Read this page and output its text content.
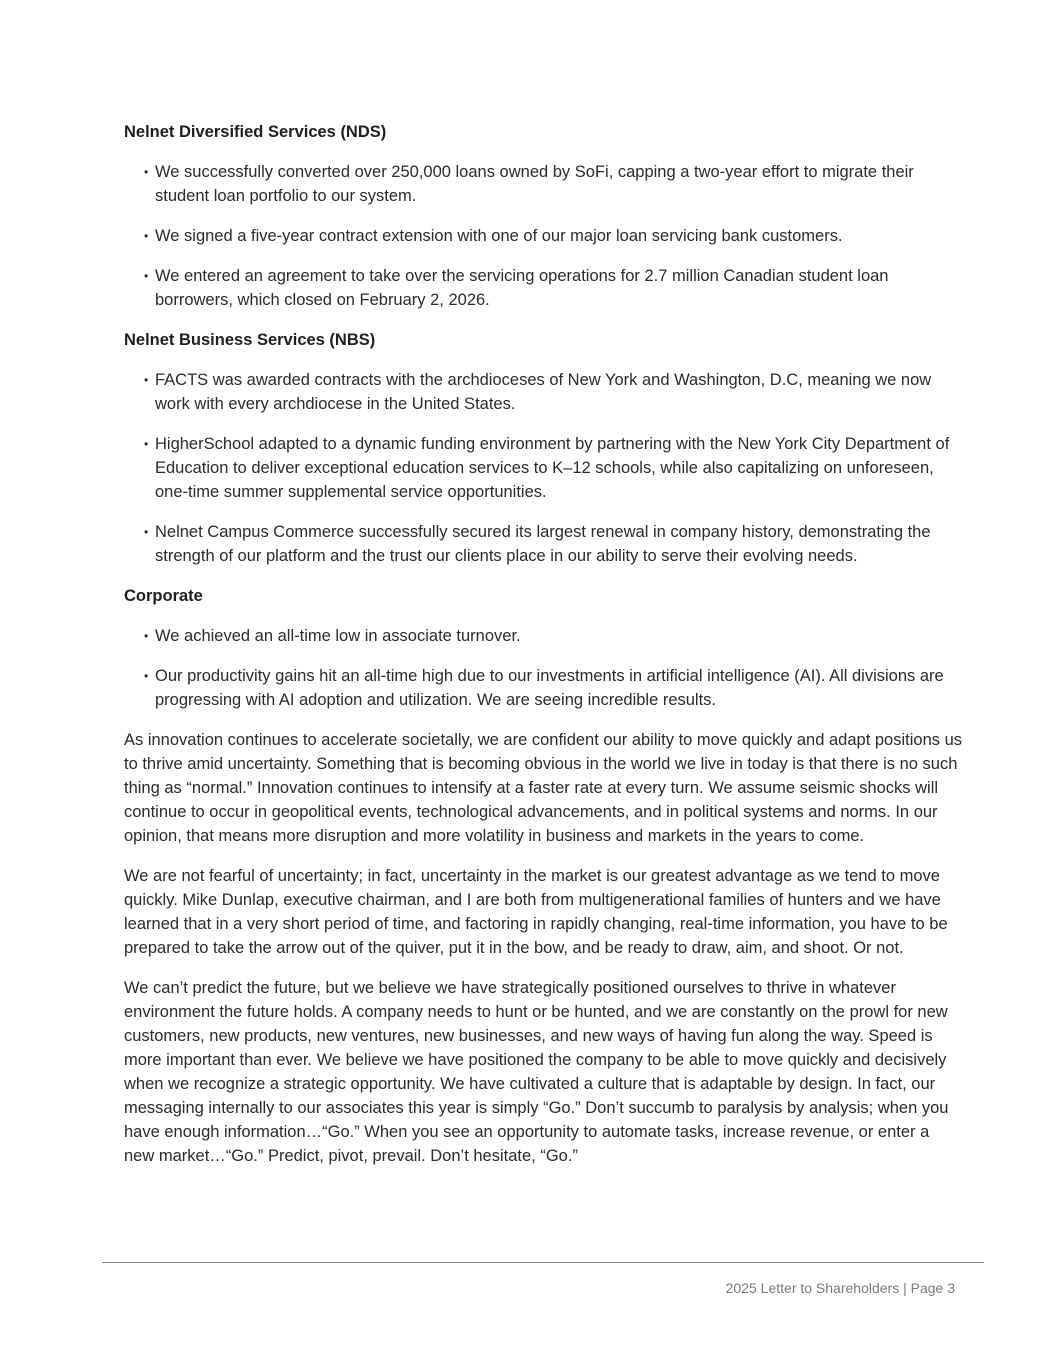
Nelnet Diversified Services (NDS)
• We successfully converted over 250,000 loans owned by SoFi, capping a two-year effort to migrate their student loan portfolio to our system.
• We signed a five-year contract extension with one of our major loan servicing bank customers.
• We entered an agreement to take over the servicing operations for 2.7 million Canadian student loan borrowers, which closed on February 2, 2026.
Nelnet Business Services (NBS)
• FACTS was awarded contracts with the archdioceses of New York and Washington, D.C, meaning we now work with every archdiocese in the United States.
• HigherSchool adapted to a dynamic funding environment by partnering with the New York City Department of Education to deliver exceptional education services to K–12 schools, while also capitalizing on unforeseen, one-time summer supplemental service opportunities.
• Nelnet Campus Commerce successfully secured its largest renewal in company history, demonstrating the strength of our platform and the trust our clients place in our ability to serve their evolving needs.
Corporate
• We achieved an all-time low in associate turnover.
• Our productivity gains hit an all-time high due to our investments in artificial intelligence (AI). All divisions are progressing with AI adoption and utilization. We are seeing incredible results.

As innovation continues to accelerate societally, we are confident our ability to move quickly and adapt positions us to thrive amid uncertainty. Something that is becoming obvious in the world we live in today is that there is no such thing as “normal.” Innovation continues to intensify at a faster rate at every turn. We assume seismic shocks will continue to occur in geopolitical events, technological advancements, and in political systems and norms. In our opinion, that means more disruption and more volatility in business and markets in the years to come.

We are not fearful of uncertainty; in fact, uncertainty in the market is our greatest advantage as we tend to move quickly. Mike Dunlap, executive chairman, and I are both from multigenerational families of hunters and we have learned that in a very short period of time, and factoring in rapidly changing, real-time information, you have to be prepared to take the arrow out of the quiver, put it in the bow, and be ready to draw, aim, and shoot. Or not.

We can’t predict the future, but we believe we have strategically positioned ourselves to thrive in whatever environment the future holds. A company needs to hunt or be hunted, and we are constantly on the prowl for new customers, new products, new ventures, new businesses, and new ways of having fun along the way. Speed is more important than ever. We believe we have positioned the company to be able to move quickly and decisively when we recognize a strategic opportunity. We have cultivated a culture that is adaptable by design. In fact, our messaging internally to our associates this year is simply “Go.” Don’t succumb to paralysis by analysis; when you have enough information…“Go.” When you see an opportunity to automate tasks, increase revenue, or enter a new market…“Go.” Predict, pivot, prevail. Don’t hesitate, “Go.”

2025 Letter to Shareholders | Page 3
